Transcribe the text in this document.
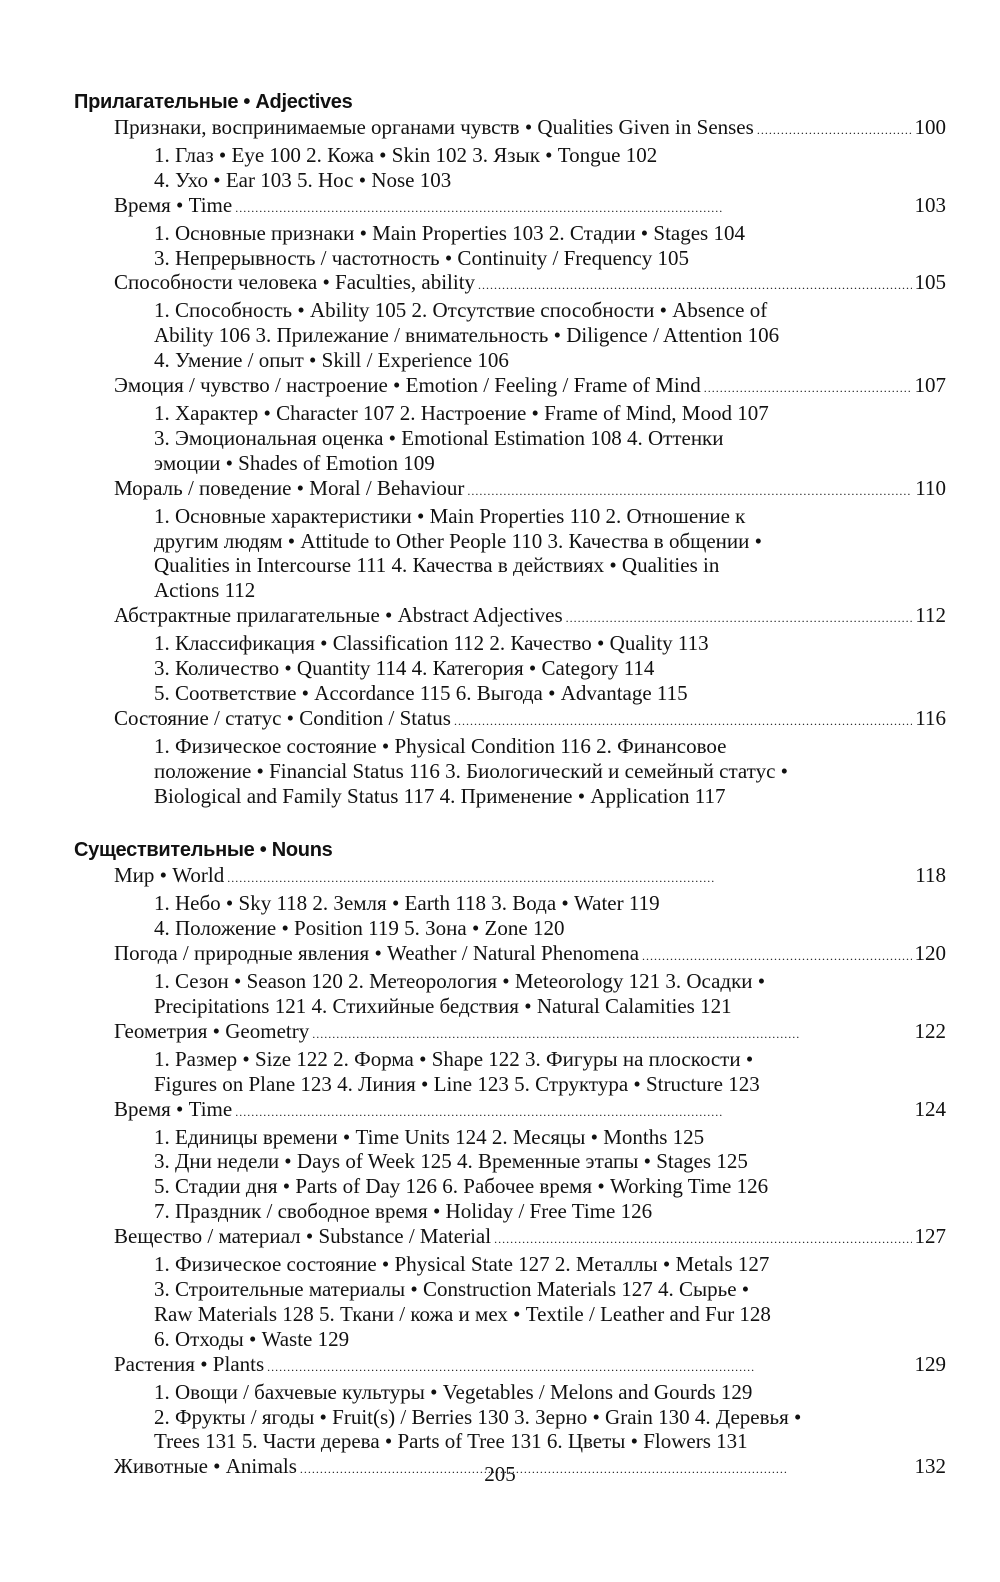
Прилагательные • Adjectives
Признаки, воспринимаемые органами чувств • Qualities Given in Senses . . .	100
1. Глаз • Eye 100 2. Кожа • Skin 102 3. Язык • Tongue 102
4. Ухо • Ear 103 5. Нос • Nose 103
Время • Time . . .	103
1. Основные признаки • Main Properties 103 2. Стадии • Stages 104
3. Непрерывность / частотность • Continuity / Frequency 105
Способности человека • Faculties, ability . . .	105
1. Способность • Ability 105 2. Отсутствие способности • Absence of
Ability 106 3. Прилежание / внимательность • Diligence / Attention 106
4. Умение / опыт • Skill / Experience 106
Эмоция / чувство / настроение • Emotion / Feeling / Frame of Mind . . .	107
1. Характер • Character 107 2. Настроение • Frame of Mind, Mood 107
3. Эмоциональная оценка • Emotional Estimation 108 4. Оттенки
эмоции • Shades of Emotion 109
Мораль / поведение • Moral / Behaviour . . .	110
1. Основные характеристики • Main Properties 110 2. Отношение к
другим людям • Attitude to Other People 110 3. Качества в общении •
Qualities in Intercourse 111 4. Качества в действиях • Qualities in
Actions 112
Абстрактные прилагательные • Abstract Adjectives . . .	112
1. Классификация • Classification 112 2. Качество • Quality 113
3. Количество • Quantity 114 4. Категория • Category 114
5. Соответствие • Accordance 115 6. Выгода • Advantage 115
Состояние / статус • Condition / Status . . .	116
1. Физическое состояние • Physical Condition 116 2. Финансовое
положение • Financial Status 116 3. Биологический и семейный статус •
Biological and Family Status 117 4. Применение • Application 117
Существительные • Nouns
Мир • World . . .	118
1. Небо • Sky 118 2. Земля • Earth 118 3. Вода • Water 119
4. Положение • Position 119 5. Зона • Zone 120
Погода / природные явления • Weather / Natural Phenomena . . .	120
1. Сезон • Season 120 2. Метеорология • Meteorology 121 3. Осадки •
Precipitations 121 4. Стихийные бедствия • Natural Calamities 121
Геометрия • Geometry . . .	122
1. Размер • Size 122 2. Форма • Shape 122 3. Фигуры на плоскости •
Figures on Plane 123 4. Линия • Line 123 5. Структура • Structure 123
Время • Time . . .	124
1. Единицы времени • Time Units 124 2. Месяцы • Months 125
3. Дни недели • Days of Week 125 4. Временные этапы • Stages 125
5. Стадии дня • Parts of Day 126 6. Рабочее время • Working Time 126
7. Праздник / свободное время • Holiday / Free Time 126
Вещество / материал • Substance / Material . . .	127
1. Физическое состояние • Physical State 127 2. Металлы • Metals 127
3. Строительные материалы • Construction Materials 127 4. Сырье •
Raw Materials 128 5. Ткани / кожа и мех • Textile / Leather and Fur 128
6. Отходы • Waste 129
Растения • Plants . . .	129
1. Овощи / бахчевые культуры • Vegetables / Melons and Gourds 129
2. Фрукты / ягоды • Fruit(s) / Berries 130 3. Зерно • Grain 130 4. Деревья •
Trees 131 5. Части дерева • Parts of Tree 131 6. Цветы • Flowers 131
Животные • Animals . . .	132
205
